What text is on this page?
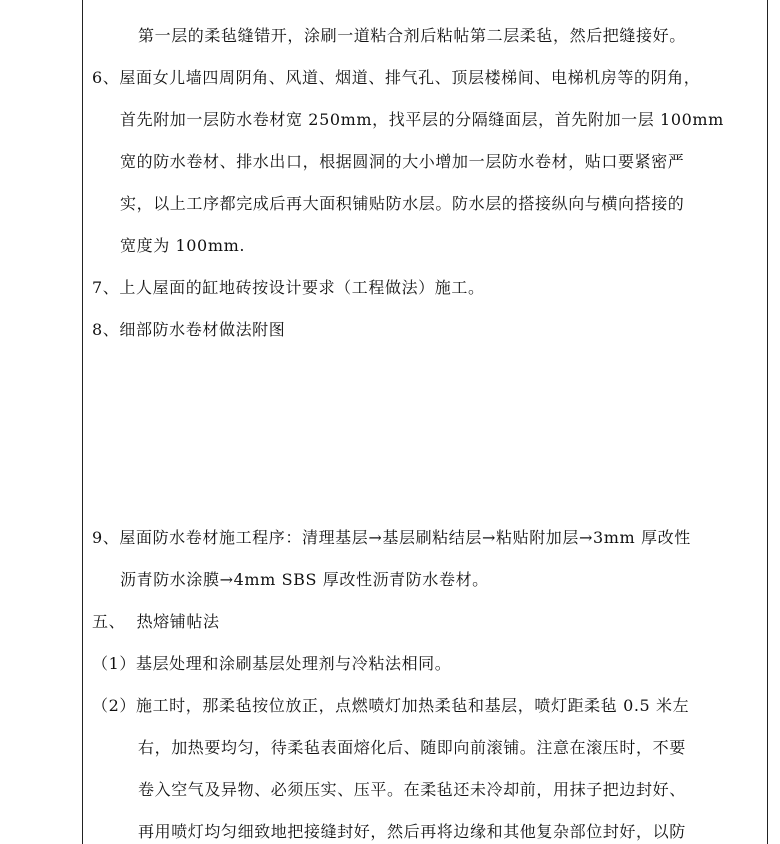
第一层的柔毡缝错开，涂刷一道粘合剂后粘帖第二层柔毡，然后把缝接好。
6、屋面女儿墙四周阴角、风道、烟道、排气孔、顶层楼梯间、电梯机房等的阴角，
首先附加一层防水卷材宽 250mm，找平层的分隔缝面层，首先附加一层 100mm
宽的防水卷材、排水出口，根据圆洞的大小增加一层防水卷材，贴口要紧密严
实，以上工序都完成后再大面积铺贴防水层。防水层的搭接纵向与横向搭接的
宽度为 100mm.
7、上人屋面的缸地砖按设计要求（工程做法）施工。
8、细部防水卷材做法附图
9、屋面防水卷材施工程序：清理基层→基层刷粘结层→粘贴附加层→3mm 厚改性
沥青防水涂膜→4mm SBS 厚改性沥青防水卷材。
五、  热熔铺帖法
（1）基层处理和涂刷基层处理剂与冷粘法相同。
（2）施工时，那柔毡按位放正，点燃喷灯加热柔毡和基层，喷灯距柔毡 0.5 米左
右，加热要均匀，待柔毡表面熔化后、随即向前滚铺。注意在滚压时，不要
卷入空气及异物、必须压实、压平。在柔毡还未冷却前，用抹子把边封好、
再用喷灯均匀细致地把接缝封好，然后再将边缘和其他复杂部位封好，以防
